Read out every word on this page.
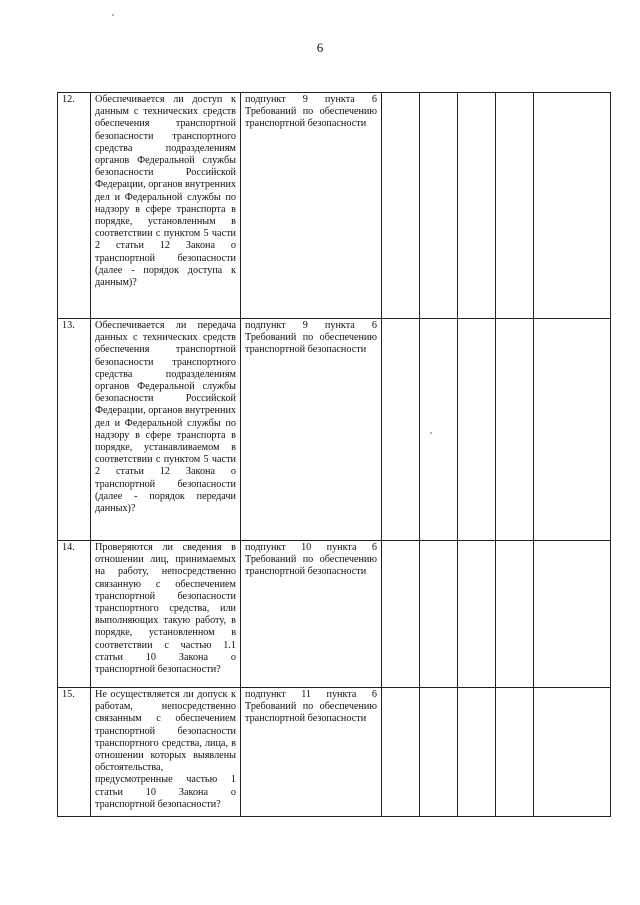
6
12.	Обеспечивается ли доступ к данным с технических средств обеспечения транспортной безопасности транспортного средства подразделениям органов Федеральной службы безопасности Российской Федерации, органов внутренних дел и Федеральной службы по надзору в сфере транспорта в порядке, установленным в соответствии с пунктом 5 части 2 статьи 12 Закона о транспортной безопасности (далее - порядок доступа к данным)?	подпункт 9 пункта 6 Требований по обеспечению транспортной безопасности					
13.	Обеспечивается ли передача данных с технических средств обеспечения транспортной безопасности транспортного средства подразделениям органов Федеральной службы безопасности Российской Федерации, органов внутренних дел и Федеральной службы по надзору в сфере транспорта в порядке, устанавливаемом в соответствии с пунктом 5 части 2 статьи 12 Закона о транспортной безопасности (далее - порядок передачи данных)?	подпункт 9 пункта 6 Требований по обеспечению транспортной безопасности					
14.	Проверяются ли сведения в отношении лиц, принимаемых на работу, непосредственно связанную с обеспечением транспортной безопасности транспортного средства, или выполняющих такую работу, в порядке, установленном в соответствии с частью 1.1 статьи 10 Закона о транспортной безопасности?	подпункт 10 пункта 6 Требований по обеспечению транспортной безопасности					
15.	Не осуществляется ли допуск к работам, непосредственно связанным с обеспечением транспортной безопасности транспортного средства, лица, в отношении которых выявлены обстоятельства, предусмотренные частью 1 статьи 10 Закона о транспортной безопасности?	подпункт 11 пункта 6 Требований по обеспечению транспортной безопасности					
